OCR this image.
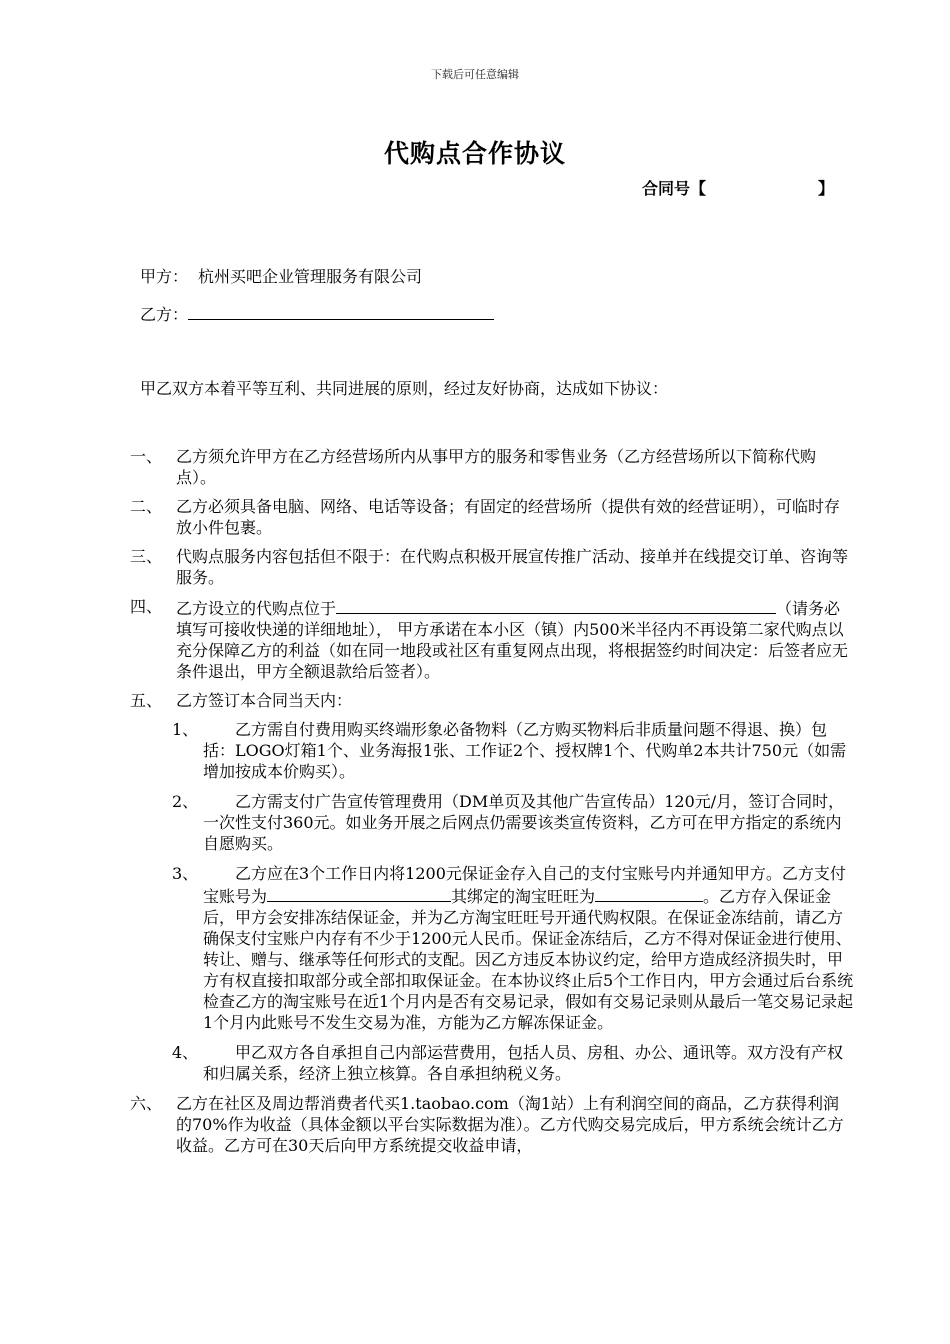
下载后可任意编辑
代购点合作协议
合同号【	】
甲方： 杭州买吧企业管理服务有限公司
乙方：
甲乙双方本着平等互利、共同进展的原则，经过友好协商，达成如下协议：
一、 乙方须允许甲方在乙方经营场所内从事甲方的服务和零售业务（乙方经营场所以下简称代购点）。
二、 乙方必须具备电脑、网络、电话等设备；有固定的经营场所（提供有效的经营证明），可临时存放小件包裹。
三、 代购点服务内容包括但不限于：在代购点积极开展宣传推广活动、接单并在线提交订单、咨询等服务。
四、 乙方设立的代购点位于	（请务必填写可接收快递的详细地址）， 甲方承诺在本小区（镇）内500米半径内不再设第二家代购点以充分保障乙方的利益（如在同一地段或社区有重复网点出现，将根据签约时间决定：后签者应无条件退出，甲方全额退款给后签者）。
五、 乙方签订本合同当天内：
1、 乙方需自付费用购买终端形象必备物料（乙方购买物料后非质量问题不得退、换）包括：LOGO灯箱1个、业务海报1张、工作证2个、授权牌1个、代购单2本共计750元（如需增加按成本价购买）。
2、 乙方需支付广告宣传管理费用（DM单页及其他广告宣传品）120元/月，签订合同时，一次性支付360元。如业务开展之后网点仍需要该类宣传资料，乙方可在甲方指定的系统内自愿购买。
3、 乙方应在3个工作日内将1200元保证金存入自己的支付宝账号内并通知甲方。乙方支付宝账号为	其绑定的淘宝旺旺为	。乙方存入保证金后，甲方会安排冻结保证金，并为乙方淘宝旺旺号开通代购权限。在保证金冻结前，请乙方确保支付宝账户内存有不少于1200元人民币。保证金冻结后，乙方不得对保证金进行使用、转让、赠与、继承等任何形式的支配。因乙方违反本协议约定，给甲方造成经济损失时，甲方有权直接扣取部分或全部扣取保证金。在本协议终止后5个工作日内，甲方会通过后台系统检查乙方的淘宝账号在近1个月内是否有交易记录，假如有交易记录则从最后一笔交易记录起1个月内此账号不发生交易为准，方能为乙方解冻保证金。
4、 甲乙双方各自承担自己内部运营费用，包括人员、房租、办公、通讯等。双方没有产权和归属关系，经济上独立核算。各自承担纳税义务。
六、 乙方在社区及周边帮消费者代买1.taobao.com（淘1站）上有利润空间的商品，乙方获得利润的70%作为收益（具体金额以平台实际数据为准）。乙方代购交易完成后，甲方系统会统计乙方收益。乙方可在30天后向甲方系统提交收益申请，
